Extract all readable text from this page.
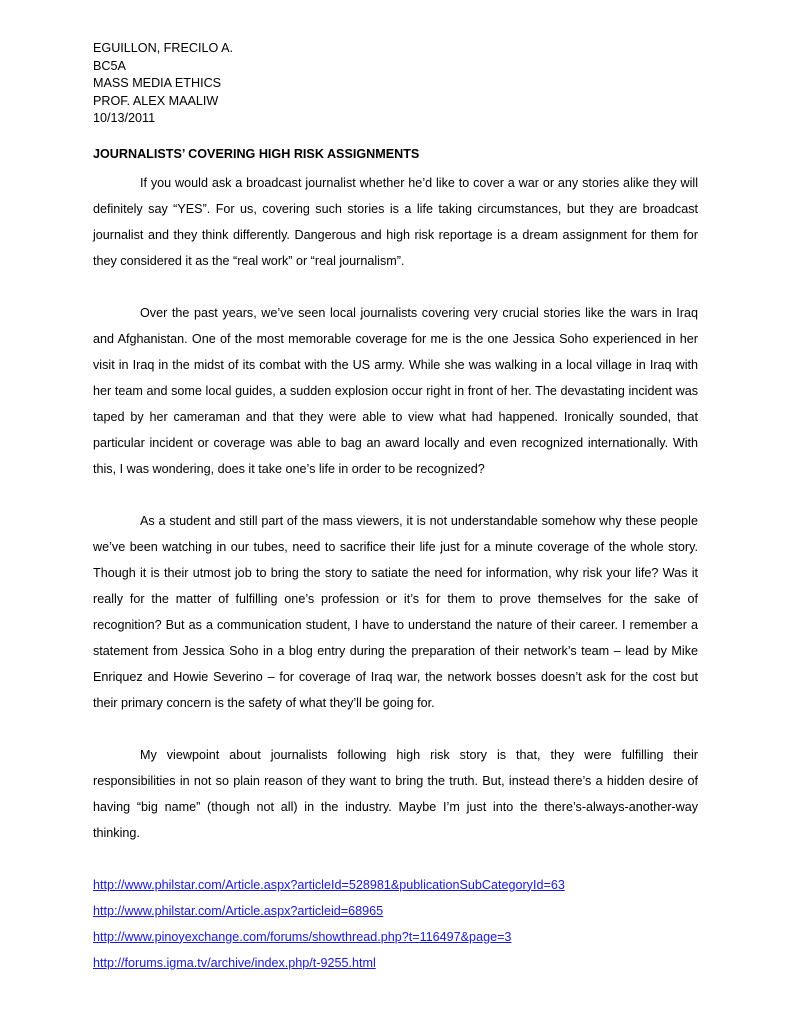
EGUILLON, FRECILO A.
BC5A
MASS MEDIA ETHICS
PROF. ALEX MAALIW
10/13/2011
JOURNALISTS’ COVERING HIGH RISK ASSIGNMENTS

If you would ask a broadcast journalist whether he’d like to cover a war or any stories alike they will definitely say “YES”. For us, covering such stories is a life taking circumstances, but they are broadcast journalist and they think differently. Dangerous and high risk reportage is a dream assignment for them for they considered it as the “real work” or “real journalism”.

Over the past years, we’ve seen local journalists covering very crucial stories like the wars in Iraq and Afghanistan. One of the most memorable coverage for me is the one Jessica Soho experienced in her visit in Iraq in the midst of its combat with the US army. While she was walking in a local village in Iraq with her team and some local guides, a sudden explosion occur right in front of her. The devastating incident was taped by her cameraman and that they were able to view what had happened. Ironically sounded, that particular incident or coverage was able to bag an award locally and even recognized internationally. With this, I was wondering, does it take one’s life in order to be recognized?

As a student and still part of the mass viewers, it is not understandable somehow why these people we’ve been watching in our tubes, need to sacrifice their life just for a minute coverage of the whole story. Though it is their utmost job to bring the story to satiate the need for information, why risk your life? Was it really for the matter of fulfilling one’s profession or it’s for them to prove themselves for the sake of recognition? But as a communication student, I have to understand the nature of their career. I remember a statement from Jessica Soho in a blog entry during the preparation of their network’s team – lead by Mike Enriquez and Howie Severino – for coverage of Iraq war, the network bosses doesn’t ask for the cost but their primary concern is the safety of what they’ll be going for.

My viewpoint about journalists following high risk story is that, they were fulfilling their responsibilities in not so plain reason of they want to bring the truth. But, instead there’s a hidden desire of having “big name” (though not all) in the industry. Maybe I’m just into the there’s-always-another-way thinking.

http://www.philstar.com/Article.aspx?articleId=528981&publicationSubCategoryId=63
http://www.philstar.com/Article.aspx?articleid=68965
http://www.pinoyexchange.com/forums/showthread.php?t=116497&page=3
http://forums.igma.tv/archive/index.php/t-9255.html
